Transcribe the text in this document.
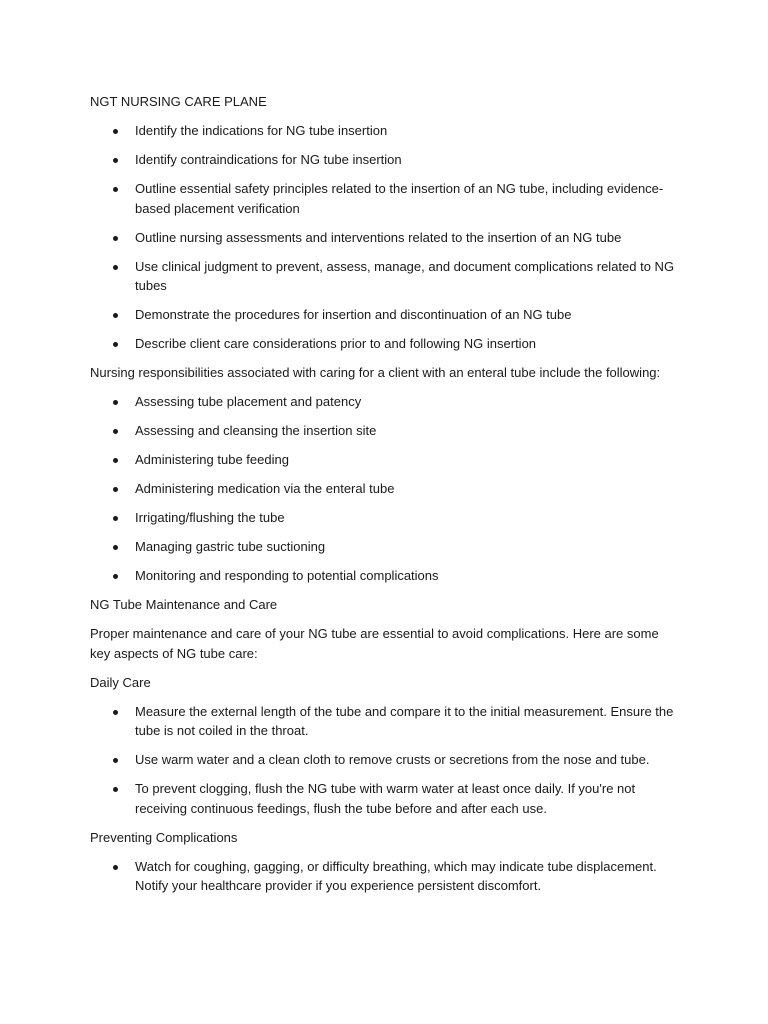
NGT NURSING CARE PLANE

Identify the indications for NG tube insertion
Identify contraindications for NG tube insertion
Outline essential safety principles related to the insertion of an NG tube, including evidence-based placement verification
Outline nursing assessments and interventions related to the insertion of an NG tube
Use clinical judgment to prevent, assess, manage, and document complications related to NG tubes
Demonstrate the procedures for insertion and discontinuation of an NG tube
Describe client care considerations prior to and following NG insertion

Nursing responsibilities associated with caring for a client with an enteral tube include the following:

Assessing tube placement and patency
Assessing and cleansing the insertion site
Administering tube feeding
Administering medication via the enteral tube
Irrigating/flushing the tube
Managing gastric tube suctioning
Monitoring and responding to potential complications

NG Tube Maintenance and Care

Proper maintenance and care of your NG tube are essential to avoid complications. Here are some key aspects of NG tube care:

Daily Care

Measure the external length of the tube and compare it to the initial measurement. Ensure the tube is not coiled in the throat.
Use warm water and a clean cloth to remove crusts or secretions from the nose and tube.
To prevent clogging, flush the NG tube with warm water at least once daily. If you're not receiving continuous feedings, flush the tube before and after each use.

Preventing Complications

Watch for coughing, gagging, or difficulty breathing, which may indicate tube displacement. Notify your healthcare provider if you experience persistent discomfort.
